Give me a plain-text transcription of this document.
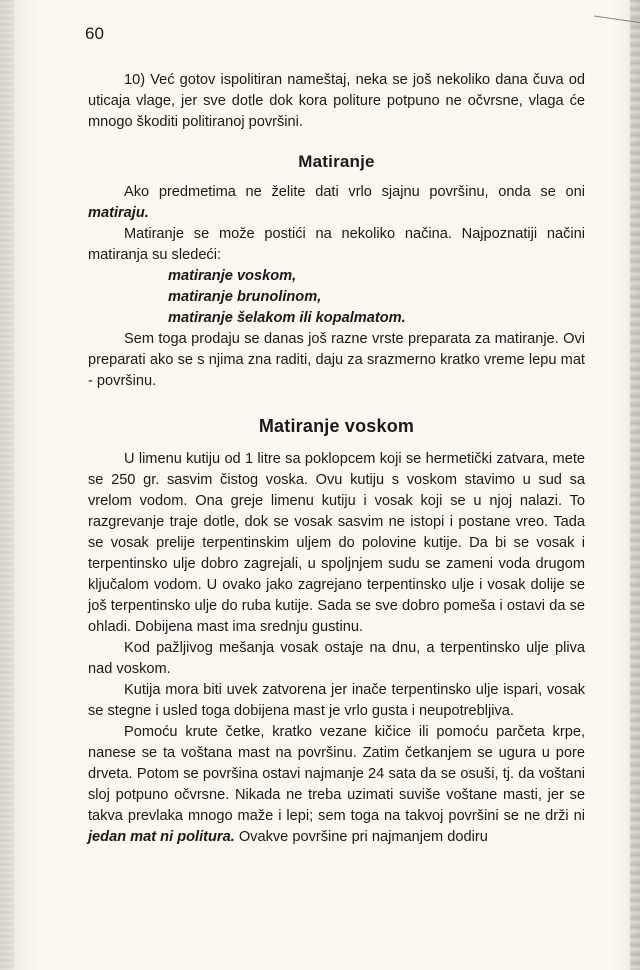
60

10) Već gotov ispolitiran nameštaj, neka se još nekoliko dana čuva od uticaja vlage, jer sve dotle dok kora politure potpuno ne očvrsne, vlaga će mnogo škoditi politiranoj površini.

Matiranje

Ako predmetima ne želite dati vrlo sjajnu površinu, onda se oni matiraju.

Matiranje se može postići na nekoliko načina. Najpoznatiji načini matiranja su sledeći:

matiranje voskom,
matiranje brunolinom,
matiranje šelakom ili kopalmatom.

Sem toga prodaju se danas još razne vrste preparata za matiranje. Ovi preparati ako se s njima zna raditi, daju za srazmerno kratko vreme lepu mat - površinu.

Matiranje voskom

U limenu kutiju od 1 litre sa poklopcem koji se hermetički zatvara, mete se 250 gr. sasvim čistog voska. Ovu kutiju s voskom stavimo u sud sa vrelom vodom. Ona greje limenu kutiju i vosak koji se u njoj nalazi. To razgrevanje traje dotle, dok se vosak sasvim ne istopi i postane vreo. Tada se vosak prelije terpentinskim uljem do polovine kutije. Da bi se vosak i terpentinsko ulje dobro zagrejali, u spoljnjem sudu se zameni voda drugom ključalom vodom. U ovako jako zagrejano terpentinsko ulje i vosak dolije se još terpentinsko ulje do ruba kutije. Sada se sve dobro pomeša i ostavi da se ohladi. Dobijena mast ima srednju gustinu.

Kod pažljivog mešanja vosak ostaje na dnu, a terpentinsko ulje pliva nad voskom.

Kutija mora biti uvek zatvorena jer inače terpentinsko ulje ispari, vosak se stegne i usled toga dobijena mast je vrlo gusta i neupotrebljiva.

Pomoću krute četke, kratko vezane kičice ili pomoću parčeta krpe, nanese se ta voštana mast na površinu. Zatim četkanjem se ugura u pore drveta. Potom se površina ostavi najmanje 24 sata da se osuši, tj. da voštani sloj potpuno očvrsne. Nikada ne treba uzimati suviše voštane masti, jer se takva prevlaka mnogo maže i lepi; sem toga na takvoj površini se ne drži ni jedan mat ni politura. Ovakve površine pri najmanjem dodiru
